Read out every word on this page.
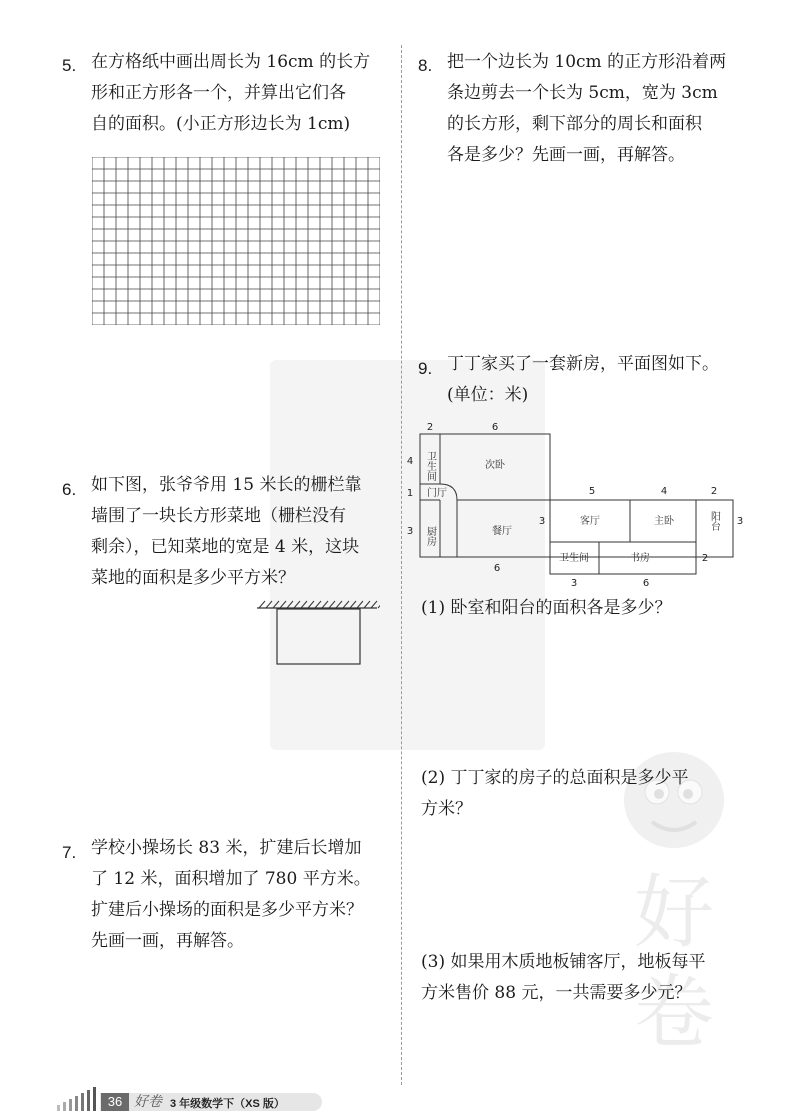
好
卷
5. 在方格纸中画出周长为 16cm 的长方
形和正方形各一个，并算出它们各
自的面积。(小正方形边长为 1cm)
6. 如下图，张爷爷用 15 米长的栅栏靠
墙围了一块长方形菜地（栅栏没有
剩余），已知菜地的宽是 4 米，这块
菜地的面积是多少平方米？
7. 学校小操场长 83 米，扩建后长增加
了 12 米，面积增加了 780 平方米。
扩建后小操场的面积是多少平方米？
先画一画，再解答。
8. 把一个边长为 10cm 的正方形沿着两
条边剪去一个长为 5cm，宽为 3cm
的长方形，剩下部分的周长和面积
各是多少？先画一画，再解答。
9. 丁丁家买了一套新房，平面图如下。
(单位：米)
卫生间	次卧
门厅
厨房	餐厅
客厅	主卧	阳台
卫生间	书房
2	6
4
1
3
6
3
5	4	2
3
2
3	6
(1) 卧室和阳台的面积各是多少？
(2) 丁丁家的房子的总面积是多少平
方米？
(3) 如果用木质地板铺客厅，地板每平
方米售价 88 元，一共需要多少元？
36 好卷 3 年级数学下（XS 版）
